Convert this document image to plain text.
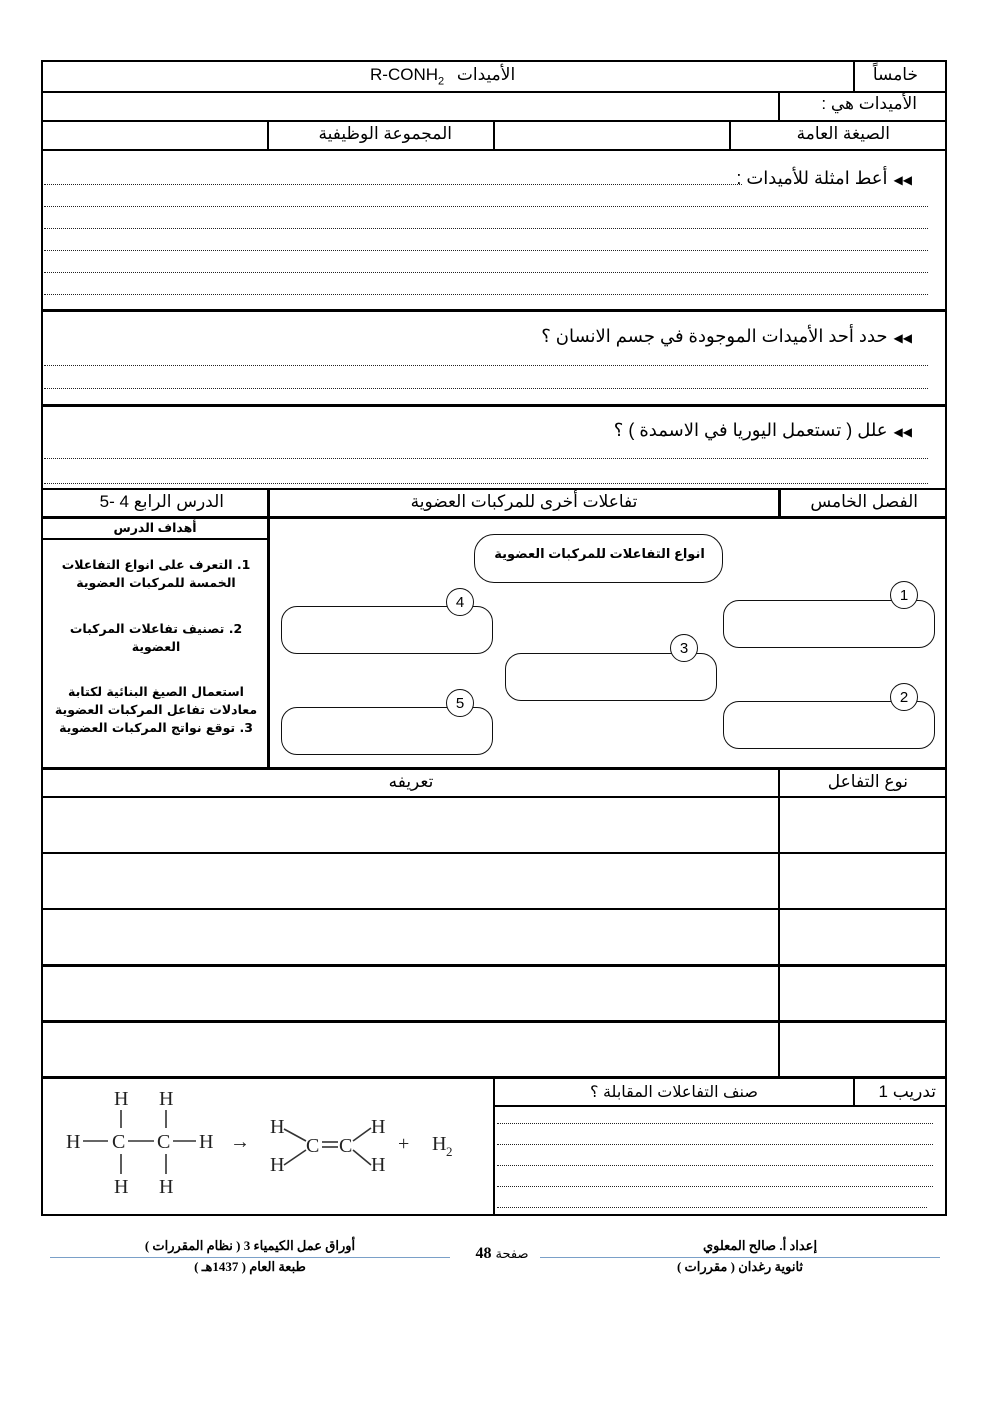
خامساً
$R-CONH_2$ الأميدات
الأميدات هي :
الصيغة العامة
المجموعة الوظيفية
◀◀أعط امثلة للأميدات :
◀◀حدد أحد الأميدات الموجودة في جسم الانسان ؟
◀◀علل ( تستعمل اليوريا في الاسمدة ) ؟
الفصل الخامس
تفاعلات أخرى للمركبات العضوية
الدرس الرابع 4 -5
أهداف الدرس
1. التعرف على انواع التفاعلات الخمسة للمركبات العضوية
2. تصنيف تفاعلات المركبات العضوية
استعمال الصيغ البنائية لكتابة معادلات تفاعل المركبات العضوية
3. توقع نواتج المركبات العضوية
انواع التفاعلات للمركبات العضوية
1
2
3
4
5
نوع التفاعل
تعريفه
تدريب 1
صنف التفاعلات المقابلة ؟
H H
H C C H
H H
→
H
H
C C
H
H
+ H 2
إعداد أ. صالح المعلوي
ثانوية رغدان ( مقررات )
أوراق عمل الكيمياء 3 ( نظام المقررات )
طبعة العام ( 1437هـ )
صفحة 48
